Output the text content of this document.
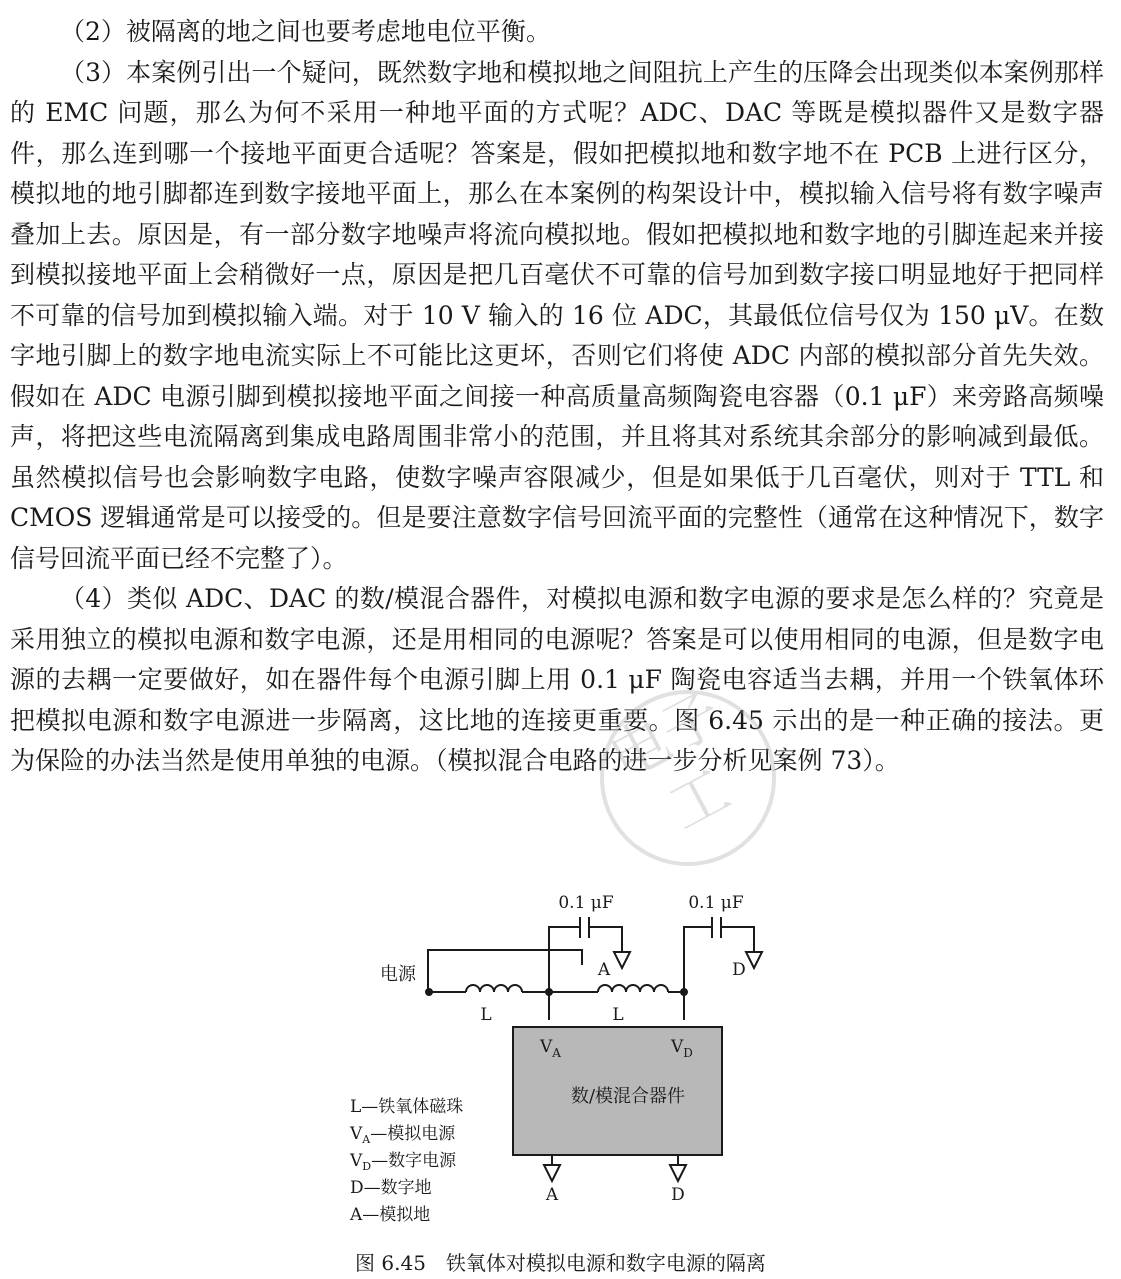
（2）被隔离的地之间也要考虑地电位平衡。

（3）本案例引出一个疑问，既然数字地和模拟地之间阻抗上产生的压降会出现类似本案例那样的 EMC 问题，那么为何不采用一种地平面的方式呢？ADC、DAC 等既是模拟器件又是数字器件，那么连到哪一个接地平面更合适呢？答案是，假如把模拟地和数字地不在 PCB 上进行区分，模拟地的地引脚都连到数字接地平面上，那么在本案例的构架设计中，模拟输入信号将有数字噪声叠加上去。原因是，有一部分数字地噪声将流向模拟地。假如把模拟地和数字地的引脚连起来并接到模拟接地平面上会稍微好一点，原因是把几百毫伏不可靠的信号加到数字接口明显地好于把同样不可靠的信号加到模拟输入端。对于 10 V 输入的 16 位 ADC，其最低位信号仅为 150 μV。在数字地引脚上的数字地电流实际上不可能比这更坏，否则它们将使 ADC 内部的模拟部分首先失效。假如在 ADC 电源引脚到模拟接地平面之间接一种高质量高频陶瓷电容器（0.1 μF）来旁路高频噪声，将把这些电流隔离到集成电路周围非常小的范围，并且将其对系统其余部分的影响减到最低。虽然模拟信号也会影响数字电路，使数字噪声容限减少，但是如果低于几百毫伏，则对于 TTL 和 CMOS 逻辑通常是可以接受的。但是要注意数字信号回流平面的完整性（通常在这种情况下，数字信号回流平面已经不完整了）。

（4）类似 ADC、DAC 的数/模混合器件，对模拟电源和数字电源的要求是怎么样的？究竟是采用独立的模拟电源和数字电源，还是用相同的电源呢？答案是可以使用相同的电源，但是数字电源的去耦一定要做好，如在器件每个电源引脚上用 0.1 μF 陶瓷电容适当去耦，并用一个铁氧体环把模拟电源和数字电源进一步隔离，这比地的连接更重要。图 6.45 示出的是一种正确的接法。更为保险的办法当然是使用单独的电源。（模拟混合电路的进一步分析见案例 73）。

电子工
0.1 μF	0.1 μF
电源
L	L
A	D
$V_A$	$V_D$
数/模混合器件
A	D
L—铁氧体磁珠
$V_A—$模拟电源
$V_D—$数字电源
D—数字地
A—模拟地
图 6.45　铁氧体对模拟电源和数字电源的隔离
